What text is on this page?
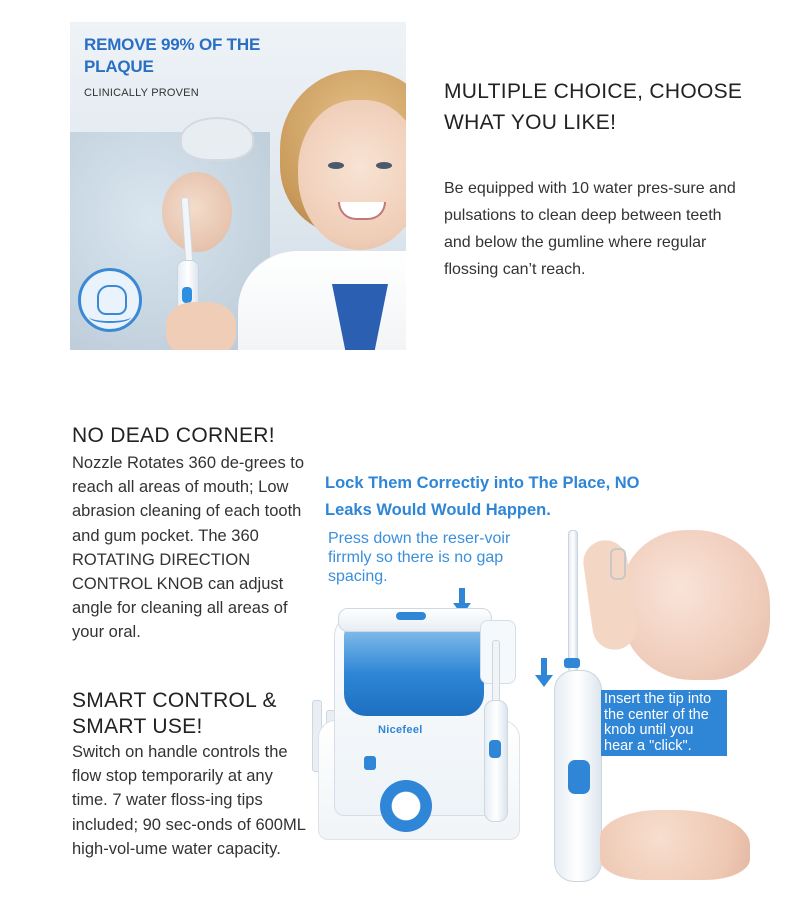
REMOVE 99% OF THE PLAQUE
CLINICALLY PROVEN	MULTIPLE CHOICE, CHOOSE WHAT YOU LIKE!
Be equipped with 10 water pres-sure and pulsations to clean deep between teeth and below the gumline where regular flossing can’t reach.
NO DEAD CORNER!
Nozzle Rotates 360 de-grees to reach all areas of mouth; Low abrasion cleaning of each tooth and gum pocket. The 360 ROTATING DIRECTION CONTROL KNOB can adjust angle for cleaning all areas of your oral.
SMART CONTROL & SMART USE!
Switch on handle controls the flow stop temporarily at any time. 7 water floss-ing tips included; 90 sec-onds of 600ML high-vol-ume water capacity.
Lock Them Correctiy into The Place, NO Leaks Would Would Happen.
Press down the reser-voir firrmly so there is no gap spacing.
Nicefeel
Insert the tip into the center of the knob until you hear a "click".
